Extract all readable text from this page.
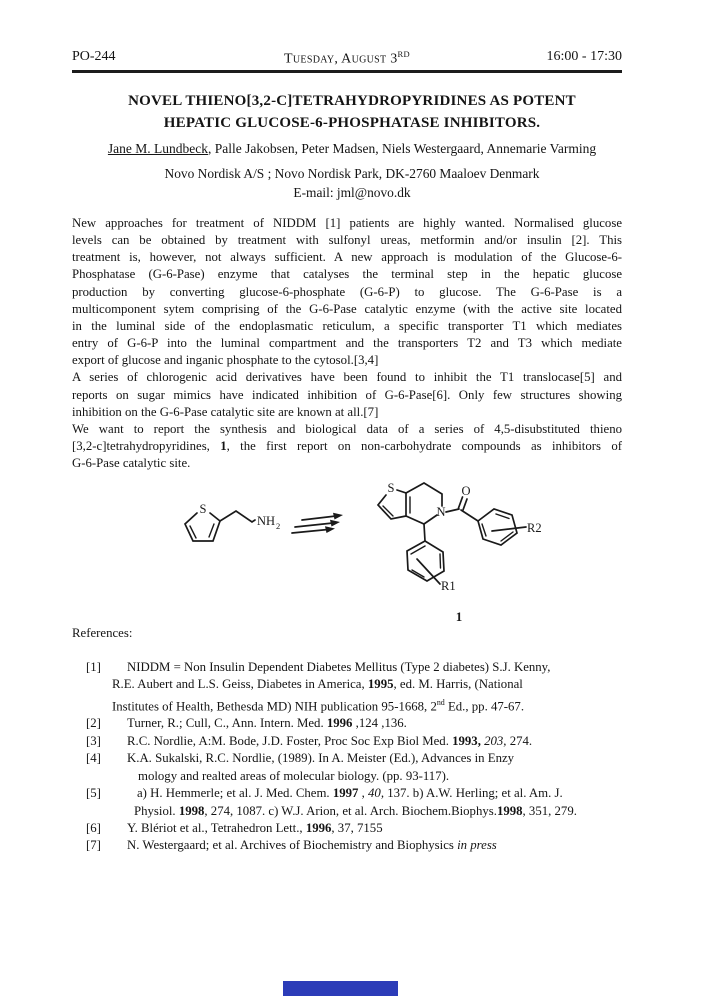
PO-244	Tuesday, August 3RD	16:00 - 17:30
NOVEL THIENO[3,2-C]TETRAHYDROPYRIDINES AS POTENT
HEPATIC GLUCOSE-6-PHOSPHATASE INHIBITORS.
Jane M. Lundbeck, Palle Jakobsen, Peter Madsen, Niels Westergaard, Annemarie Varming
Novo Nordisk A/S ; Novo Nordisk Park, DK-2760 Maaloev Denmark
E-mail: jml@novo.dk
New approaches for treatment of NIDDM [1] patients are highly wanted. Normalised glucose
levels can be obtained by treatment with sulfonyl ureas, metformin and/or insulin [2]. This
treatment is, however, not always sufficient. A new approach is modulation of the Glucose-6-
Phosphatase (G-6-Pase) enzyme that catalyses the terminal step in the hepatic glucose
production by converting glucose-6-phosphate (G-6-P) to glucose. The G-6-Pase is a
multicomponent sytem comprising of the G-6-Pase catalytic enzyme (with the active site located
in the luminal side of the endoplasmatic reticulum, a specific transporter T1 which mediates
entry of G-6-P into the luminal compartment and the transporters T2 and T3 which mediate
export of glucose and inganic phosphate to the cytosol.[3,4]
A series of chlorogenic acid derivatives have been found to inhibit the T1 translocase[5] and
reports on sugar mimics have indicated inhibition of G-6-Pase[6]. Only few structures showing
inhibition on the G-6-Pase catalytic site are known at all.[7]
We want to report the synthesis and biological data of a series of 4,5-disubstituted thieno
[3,2-c]tetrahydropyridines, 1, the first report on non-carbohydrate compounds as inhibitors of
G-6-Pase catalytic site.
S
NH 2
S
N
O
R2
R1
1
References:
[1]	NIDDM = Non Insulin Dependent Diabetes Mellitus (Type 2 diabetes) S.J. Kenny,
R.E. Aubert and L.S. Geiss, Diabetes in America, 1995, ed. M. Harris, (National
Institutes of Health, Bethesda MD) NIH publication 95-1668, 2nd Ed., pp. 47-67.
[2]	Turner, R.; Cull, C., Ann. Intern. Med. 1996 ,124 ,136.
[3]	R.C. Nordlie, A:M. Bode, J.D. Foster, Proc Soc Exp Biol Med. 1993, 203, 274.
[4]	K.A. Sukalski, R.C. Nordlie, (1989). In A. Meister (Ed.), Advances in Enzy
mology and realted areas of molecular biology. (pp. 93-117).
[5]	a) H. Hemmerle; et al. J. Med. Chem. 1997 , 40, 137. b) A.W. Herling; et al. Am. J.
Physiol. 1998, 274, 1087. c) W.J. Arion, et al. Arch. Biochem.Biophys.1998, 351, 279.
[6]	Y. Blériot et al., Tetrahedron Lett., 1996, 37, 7155
[7]	N. Westergaard; et al. Archives of Biochemistry and Biophysics in press
